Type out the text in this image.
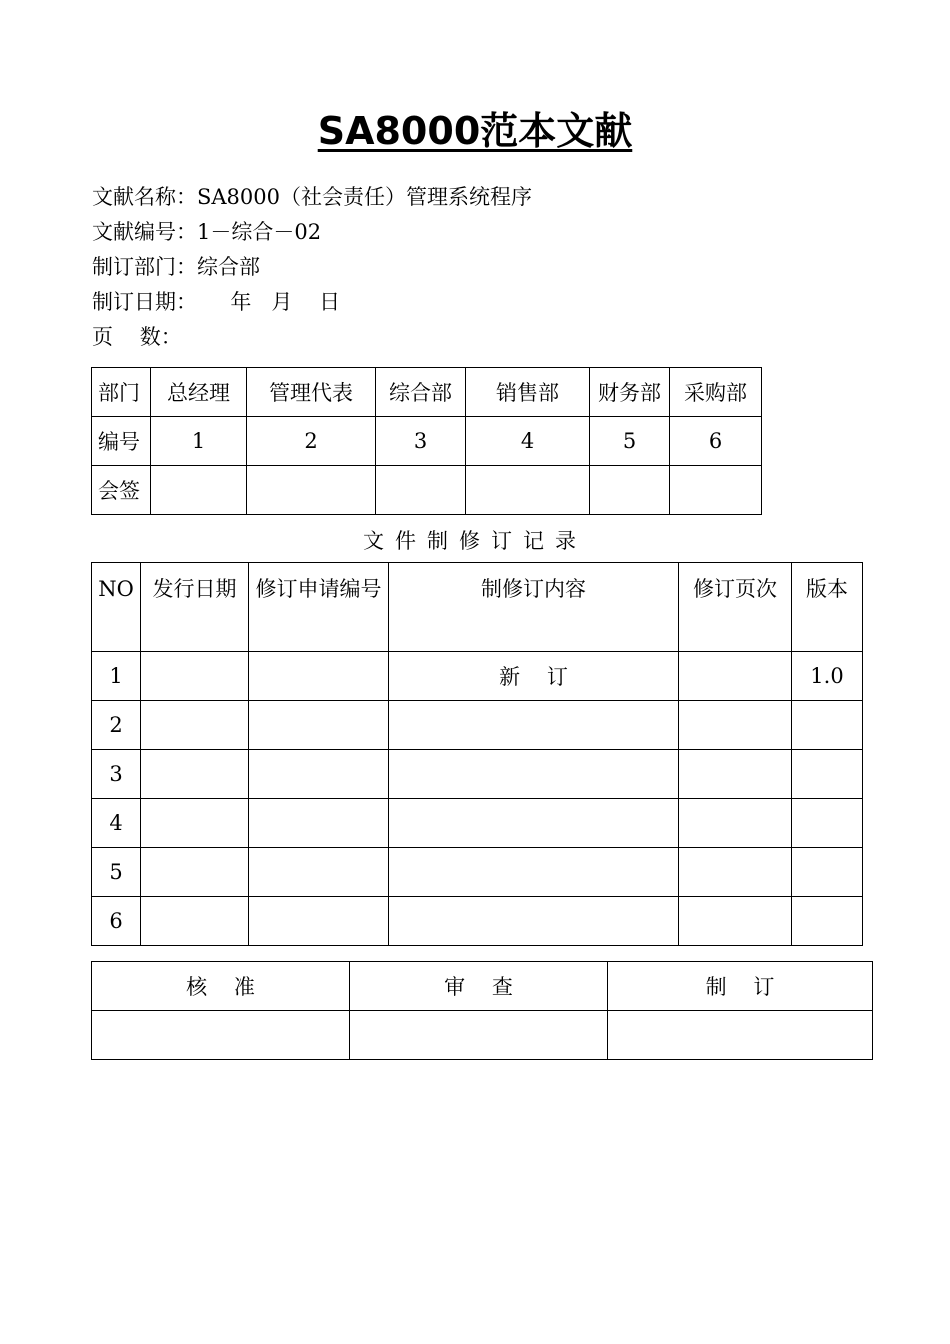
SA8000范本文献
文献名称：SA8000（社会责任）管理系统程序
文献编号：1－综合－02
制订部门：综合部
制订日期：     年   月    日
页    数：
部门	总经理	管理代表	综合部	销售部	财务部	采购部
编号	1	2	3	4	5	6
会签						
文件制修订记录
NO	发行日期	修订申请编号	制修订内容	修订页次	版本
1			新    订		1.0
2					
3					
4					
5					
6					
核    准	审    查	制    订
